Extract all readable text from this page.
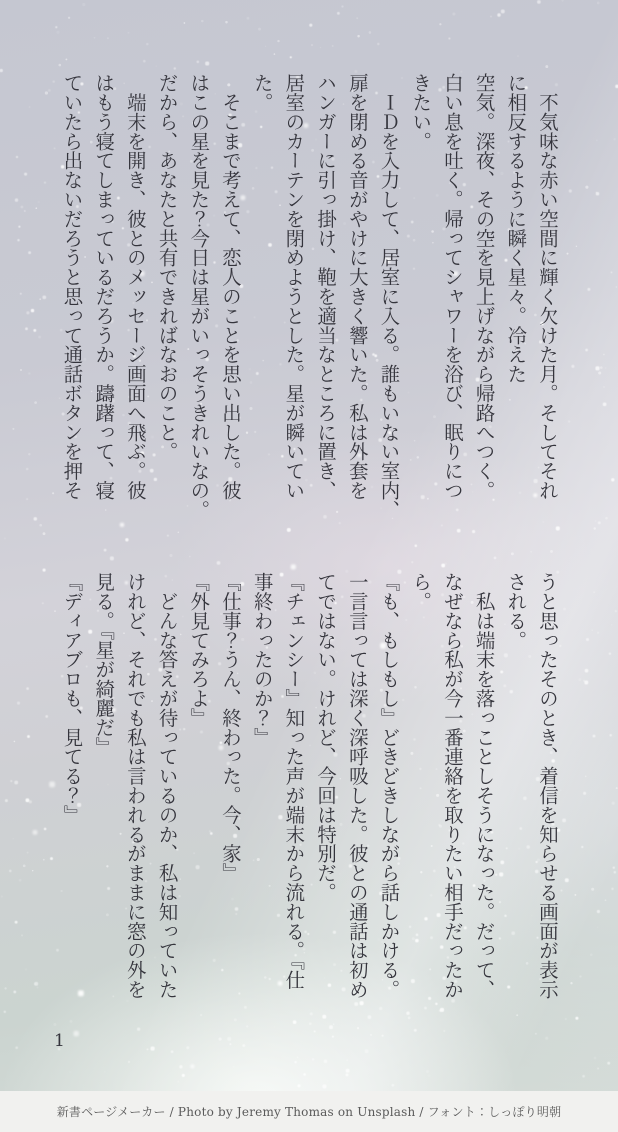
　不気味な赤い空間に輝く欠けた月。そしてそれ
に相反するように瞬く星々。冷えた
空気。深夜、その空を見上げながら帰路へつく。
白い息を吐く。帰ってシャワーを浴び、眠りにつ
きたい。
　ＩＤを入力して、居室に入る。誰もいない室内、
扉を閉める音がやけに大きく響いた。私は外套を
ハンガーに引っ掛け、鞄を適当なところに置き、
居室のカーテンを閉めようとした。星が瞬いてい
た。
　そこまで考えて、恋人のことを思い出した。彼
はこの星を見た？今日は星がいっそうきれいなの。
だから、あなたと共有できればなおのこと。
　端末を開き、彼とのメッセージ画面へ飛ぶ。彼
はもう寝てしまっているだろうか。躊躇って、寝
ていたら出ないだろうと思って通話ボタンを押そ
うと思ったそのとき、着信を知らせる画面が表示
される。
　私は端末を落っことしそうになった。だって、
なぜなら私が今一番連絡を取りたい相手だったか
ら。
『も、もしもし』どきどきしながら話しかける。
一言言っては深く深呼吸した。彼との通話は初め
てではない。けれど、今回は特別だ。
『チェンシー』知った声が端末から流れる。『仕
事終わったのか？』
『仕事？うん、終わった。今、家』
『外見てみろよ』
　どんな答えが待っているのか、私は知っていた
けれど、それでも私は言われるがままに窓の外を
見る。『星が綺麗だ』
『ディアブロも、見てる？』
1
新書ページメーカー / Photo by Jeremy Thomas on Unsplash / フォント：しっぽり明朝
